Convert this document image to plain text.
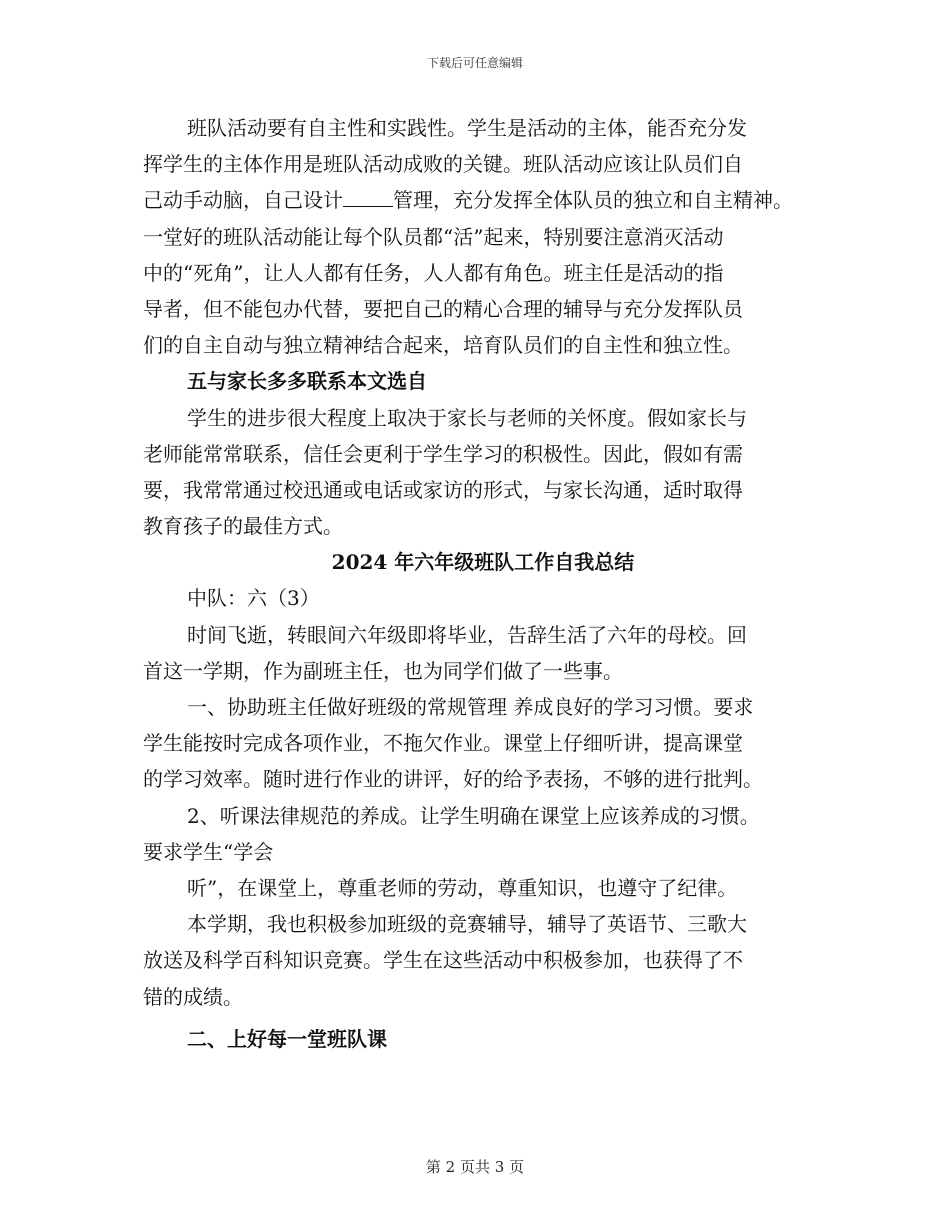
下载后可任意编辑
班队活动要有自主性和实践性。学生是活动的主体，能否充分发
挥学生的主体作用是班队活动成败的关键。班队活动应该让队员们自
己动手动脑，自己设计	管理，充分发挥全体队员的独立和自主精神。
一堂好的班队活动能让每个队员都“活”起来，特别要注意消灭活动
中的“死角”，让人人都有任务，人人都有角色。班主任是活动的指
导者，但不能包办代替，要把自己的精心合理的辅导与充分发挥队员
们的自主自动与独立精神结合起来，培育队员们的自主性和独立性。
五与家长多多联系本文选自
学生的进步很大程度上取决于家长与老师的关怀度。假如家长与
老师能常常联系，信任会更利于学生学习的积极性。因此，假如有需
要，我常常通过校迅通或电话或家访的形式，与家长沟通，适时取得
教育孩子的最佳方式。
2024 年六年级班队工作自我总结
中队：六（3）
时间飞逝，转眼间六年级即将毕业，告辞生活了六年的母校。回
首这一学期，作为副班主任，也为同学们做了一些事。
一、协助班主任做好班级的常规管理 养成良好的学习习惯。要求
学生能按时完成各项作业，不拖欠作业。课堂上仔细听讲，提高课堂
的学习效率。随时进行作业的讲评，好的给予表扬，不够的进行批判。
2、听课法律规范的养成。让学生明确在课堂上应该养成的习惯。
要求学生“学会
听”，在课堂上，尊重老师的劳动，尊重知识，也遵守了纪律。
本学期，我也积极参加班级的竞赛辅导，辅导了英语节、三歌大
放送及科学百科知识竞赛。学生在这些活动中积极参加，也获得了不
错的成绩。
二、上好每一堂班队课
第 2 页共 3 页
